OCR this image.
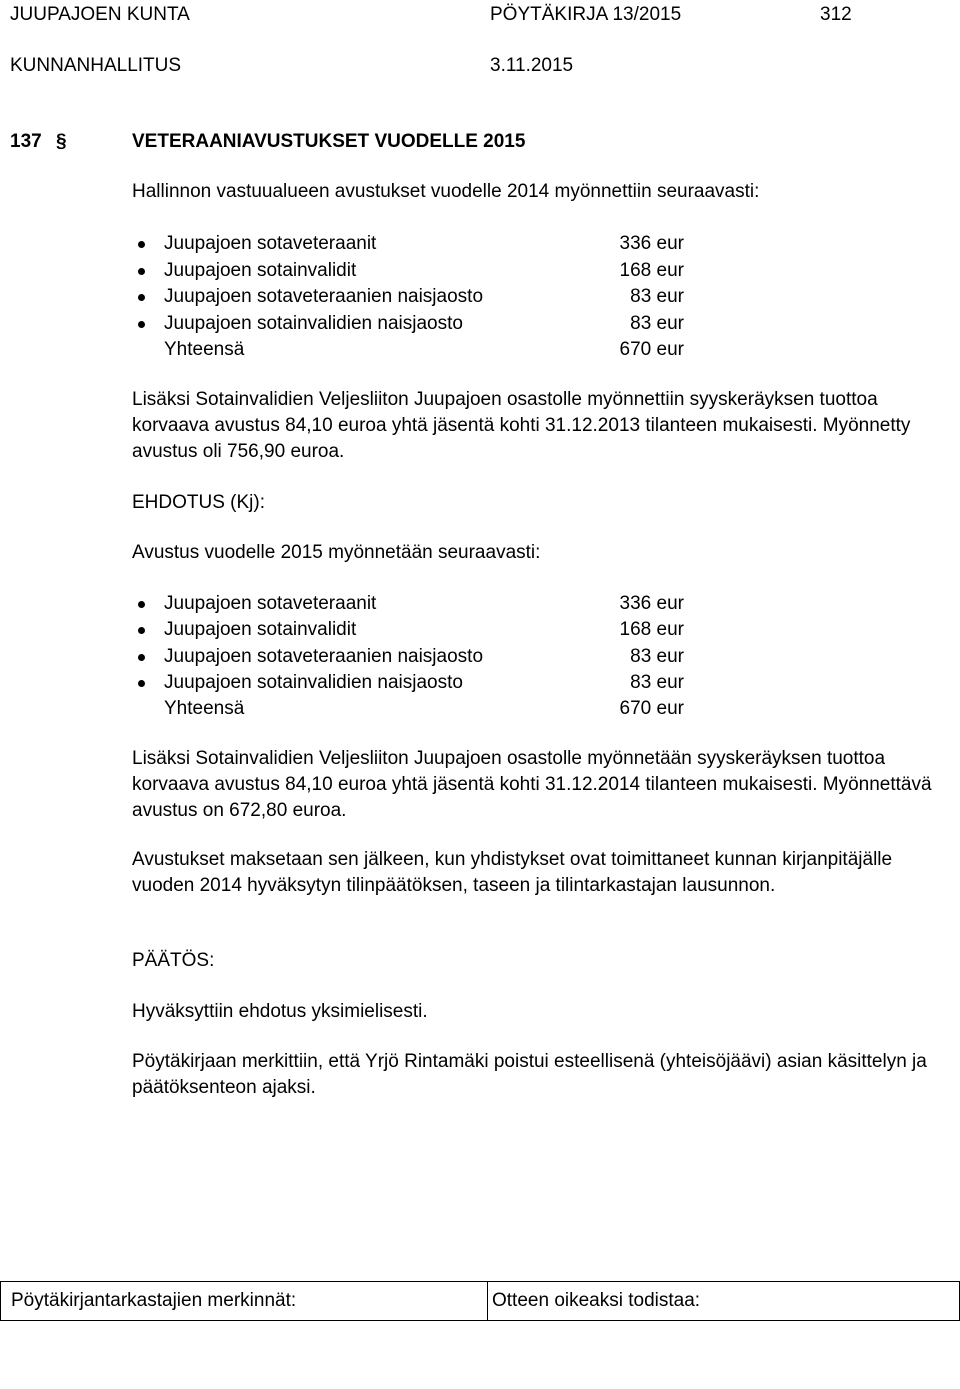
JUUPAJOEN KUNTA	PÖYTÄKIRJA 13/2015	312
KUNNANHALLITUS	3.11.2015
137 §	VETERAANIAVUSTUKSET VUODELLE 2015
Hallinnon vastuualueen avustukset vuodelle 2014 myönnettiin seuraavasti:
Juupajoen sotaveteraanit	336 eur
Juupajoen sotainvalidit	168 eur
Juupajoen sotaveteraanien naisjaosto	83 eur
Juupajoen sotainvalidien naisjaosto	83 eur
Yhteensä	670 eur
Lisäksi Sotainvalidien Veljesliiton Juupajoen osastolle myönnettiin syyskeräyksen tuottoa korvaava avustus 84,10 euroa yhtä jäsentä kohti 31.12.2013 tilanteen mukaisesti. Myönnetty avustus oli 756,90 euroa.
EHDOTUS (Kj):
Avustus vuodelle 2015 myönnetään seuraavasti:
Juupajoen sotaveteraanit	336 eur
Juupajoen sotainvalidit	168 eur
Juupajoen sotaveteraanien naisjaosto	83 eur
Juupajoen sotainvalidien naisjaosto	83 eur
Yhteensä	670 eur
Lisäksi Sotainvalidien Veljesliiton Juupajoen osastolle myönnetään syyskeräyksen tuottoa korvaava avustus 84,10 euroa yhtä jäsentä kohti 31.12.2014 tilanteen mukaisesti. Myönnettävä avustus on 672,80 euroa.
Avustukset maksetaan sen jälkeen, kun yhdistykset ovat toimittaneet kunnan kirjanpitäjälle vuoden 2014 hyväksytyn tilinpäätöksen, taseen ja tilintarkastajan lausunnon.
PÄÄTÖS:
Hyväksyttiin ehdotus yksimielisesti.
Pöytäkirjaan merkittiin, että Yrjö Rintamäki poistui esteellisenä (yhteisöjäävi) asian käsittelyn ja päätöksenteon ajaksi.
Pöytäkirjantarkastajien merkinnät:	Otteen oikeaksi todistaa:
